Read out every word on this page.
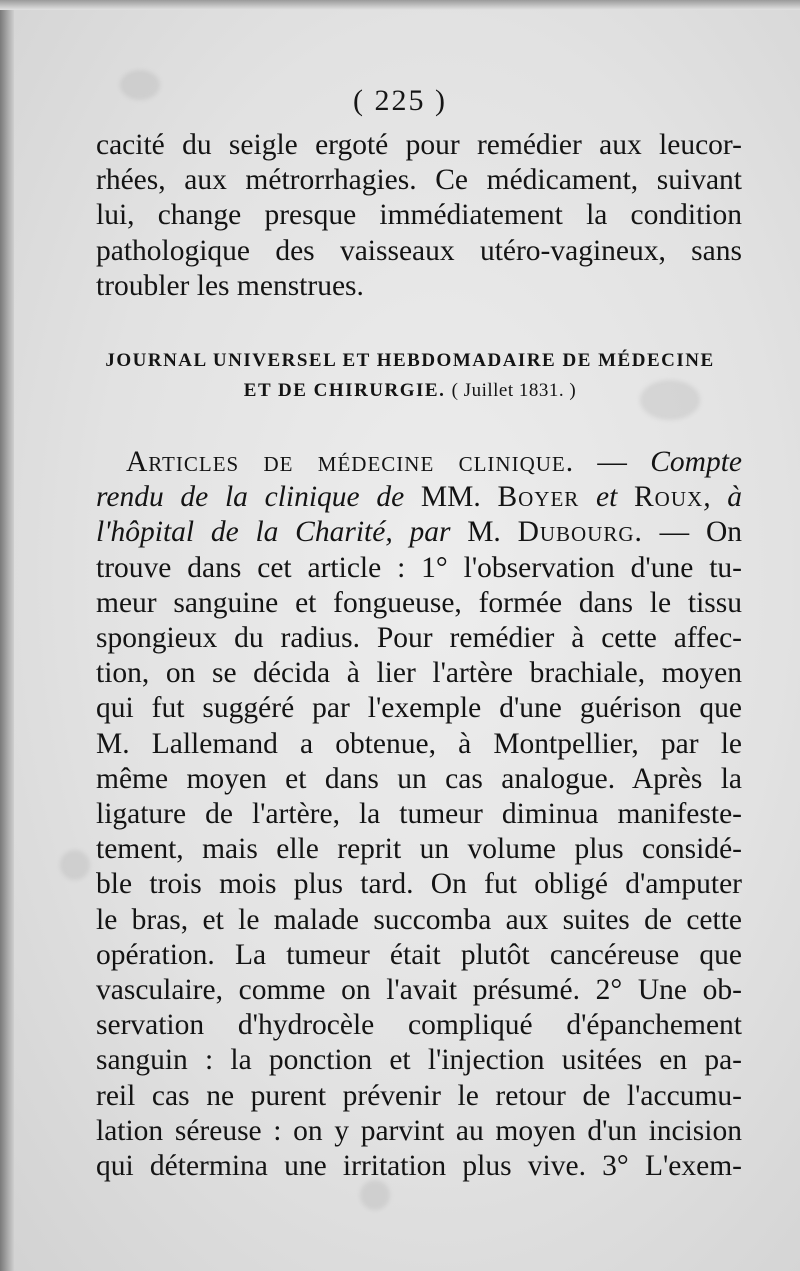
( 225 )
cacité du seigle ergoté pour remédier aux leucor-
rhées, aux métrorrhagies. Ce médicament, suivant
lui, change presque immédiatement la condition
pathologique des vaisseaux utéro-vagineux, sans
troubler les menstrues.
JOURNAL UNIVERSEL ET HEBDOMADAIRE DE MÉDECINE
ET DE CHIRURGIE. ( Juillet 1831. )
Articles de médecine clinique. — Compte
rendu de la clinique de MM. Boyer et Roux, à
l'hôpital de la Charité, par M. Dubourg. — On
trouve dans cet article : 1° l'observation d'une tu-
meur sanguine et fongueuse, formée dans le tissu
spongieux du radius. Pour remédier à cette affec-
tion, on se décida à lier l'artère brachiale, moyen
qui fut suggéré par l'exemple d'une guérison que
M. Lallemand a obtenue, à Montpellier, par le
même moyen et dans un cas analogue. Après la
ligature de l'artère, la tumeur diminua manifeste-
tement, mais elle reprit un volume plus considé-
ble trois mois plus tard. On fut obligé d'amputer
le bras, et le malade succomba aux suites de cette
opération. La tumeur était plutôt cancéreuse que
vasculaire, comme on l'avait présumé. 2° Une ob-
servation d'hydrocèle compliqué d'épanchement
sanguin : la ponction et l'injection usitées en pa-
reil cas ne purent prévenir le retour de l'accumu-
lation séreuse : on y parvint au moyen d'un incision
qui détermina une irritation plus vive. 3° L'exem-
